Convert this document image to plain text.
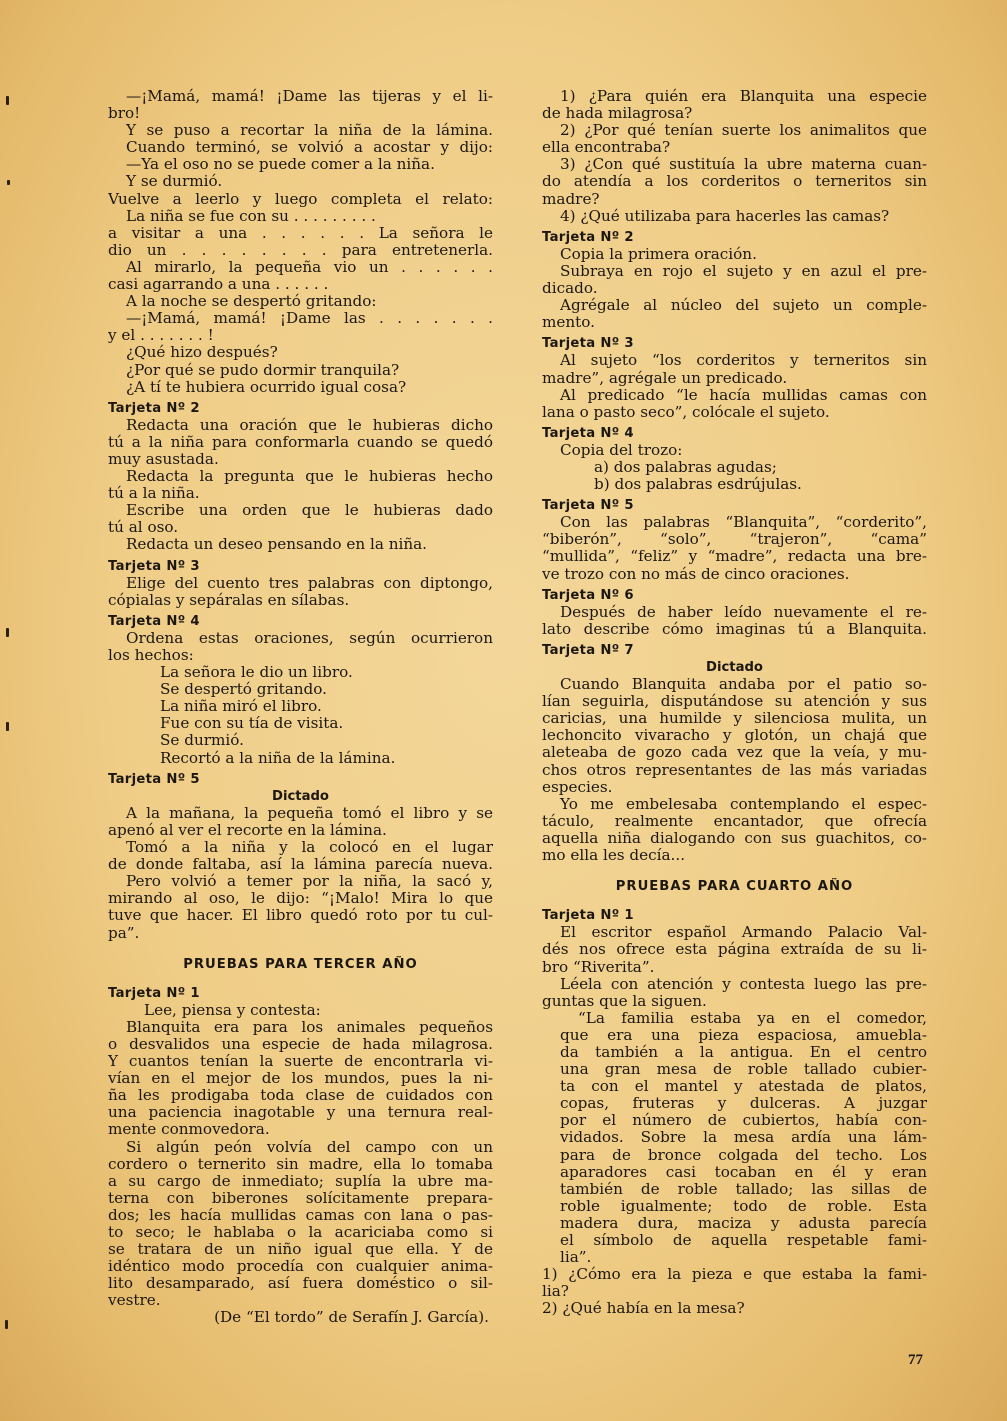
—¡Mamá, mamá! ¡Dame las tijeras y el li-
bro!
Y se puso a recortar la niña de la lámina.
Cuando terminó, se volvió a acostar y dijo:
—Ya el oso no se puede comer a la niña.
Y se durmió.
Vuelve a leerlo y luego completa el relato:
La niña se fue con su . . . . . . . . .
a visitar a una . . . . . . La señora le
dio un . . . . . . . . para entretenerla.
Al mirarlo, la pequeña vio un . . . . . .
casi agarrando a una . . . . . .
A la noche se despertó gritando:
—¡Mamá, mamá! ¡Dame las . . . . . . .
y el . . . . . . . !
¿Qué hizo después?
¿Por qué se pudo dormir tranquila?
¿A tí te hubiera ocurrido igual cosa?
Tarjeta Nº 2
Redacta una oración que le hubieras dicho
tú a la niña para conformarla cuando se quedó
muy asustada.
Redacta la pregunta que le hubieras hecho
tú a la niña.
Escribe una orden que le hubieras dado
tú al oso.
Redacta un deseo pensando en la niña.
Tarjeta Nº 3
Elige del cuento tres palabras con diptongo,
cópialas y sepáralas en sílabas.
Tarjeta Nº 4
Ordena estas oraciones, según ocurrieron
los hechos:
La señora le dio un libro.
Se despertó gritando.
La niña miró el libro.
Fue con su tía de visita.
Se durmió.
Recortó a la niña de la lámina.
Tarjeta Nº 5
Dictado
A la mañana, la pequeña tomó el libro y se
apenó al ver el recorte en la lámina.
Tomó a la niña y la colocó en el lugar
de donde faltaba, así la lámina parecía nueva.
Pero volvió a temer por la niña, la sacó y,
mirando al oso, le dijo: “¡Malo! Mira lo que
tuve que hacer. El libro quedó roto por tu cul-
pa”.
PRUEBAS PARA TERCER AÑO
Tarjeta Nº 1
Lee, piensa y contesta:
Blanquita era para los animales pequeños
o desvalidos una especie de hada milagrosa.
Y cuantos tenían la suerte de encontrarla vi-
vían en el mejor de los mundos, pues la ni-
ña les prodigaba toda clase de cuidados con
una paciencia inagotable y una ternura real-
mente conmovedora.
Si algún peón volvía del campo con un
cordero o ternerito sin madre, ella lo tomaba
a su cargo de inmediato; suplía la ubre ma-
terna con biberones solícitamente prepara-
dos; les hacía mullidas camas con lana o pas-
to seco; le hablaba o la acariciaba como si
se tratara de un niño igual que ella. Y de
idéntico modo procedía con cualquier anima-
lito desamparado, así fuera doméstico o sil-
vestre.
(De “El tordo” de Serafín J. García).
1) ¿Para quién era Blanquita una especie
de hada milagrosa?
2) ¿Por qué tenían suerte los animalitos que
ella encontraba?
3) ¿Con qué sustituía la ubre materna cuan-
do atendía a los corderitos o terneritos sin
madre?
4) ¿Qué utilizaba para hacerles las camas?
Tarjeta Nº 2
Copia la primera oración.
Subraya en rojo el sujeto y en azul el pre-
dicado.
Agrégale al núcleo del sujeto un comple-
mento.
Tarjeta Nº 3
Al sujeto “los corderitos y terneritos sin
madre”, agrégale un predicado.
Al predicado “le hacía mullidas camas con
lana o pasto seco”, colócale el sujeto.
Tarjeta Nº 4
Copia del trozo:
a) dos palabras agudas;
b) dos palabras esdrújulas.
Tarjeta Nº 5
Con las palabras “Blanquita”, “corderito”,
“biberón”, “solo”, “trajeron”, “cama”
“mullida”, “feliz” y “madre”, redacta una bre-
ve trozo con no más de cinco oraciones.
Tarjeta Nº 6
Después de haber leído nuevamente el re-
lato describe cómo imaginas tú a Blanquita.
Tarjeta Nº 7
Dictado
Cuando Blanquita andaba por el patio so-
lían seguirla, disputándose su atención y sus
caricias, una humilde y silenciosa mulita, un
lechoncito vivaracho y glotón, un chajá que
aleteaba de gozo cada vez que la veía, y mu-
chos otros representantes de las más variadas
especies.
Yo me embelesaba contemplando el espec-
táculo, realmente encantador, que ofrecía
aquella niña dialogando con sus guachitos, co-
mo ella les decía...
PRUEBAS PARA CUARTO AÑO
Tarjeta Nº 1
El escritor español Armando Palacio Val-
dés nos ofrece esta página extraída de su li-
bro “Riverita”.
Léela con atención y contesta luego las pre-
guntas que la siguen.
“La familia estaba ya en el comedor,
que era una pieza espaciosa, amuebla-
da también a la antigua. En el centro
una gran mesa de roble tallado cubier-
ta con el mantel y atestada de platos,
copas, fruteras y dulceras. A juzgar
por el número de cubiertos, había con-
vidados. Sobre la mesa ardía una lám-
para de bronce colgada del techo. Los
aparadores casi tocaban en él y eran
también de roble tallado; las sillas de
roble igualmente; todo de roble. Esta
madera dura, maciza y adusta parecía
el símbolo de aquella respetable fami-
lia”.
1) ¿Cómo era la pieza e que estaba la fami-
lia?
2) ¿Qué había en la mesa?
77
